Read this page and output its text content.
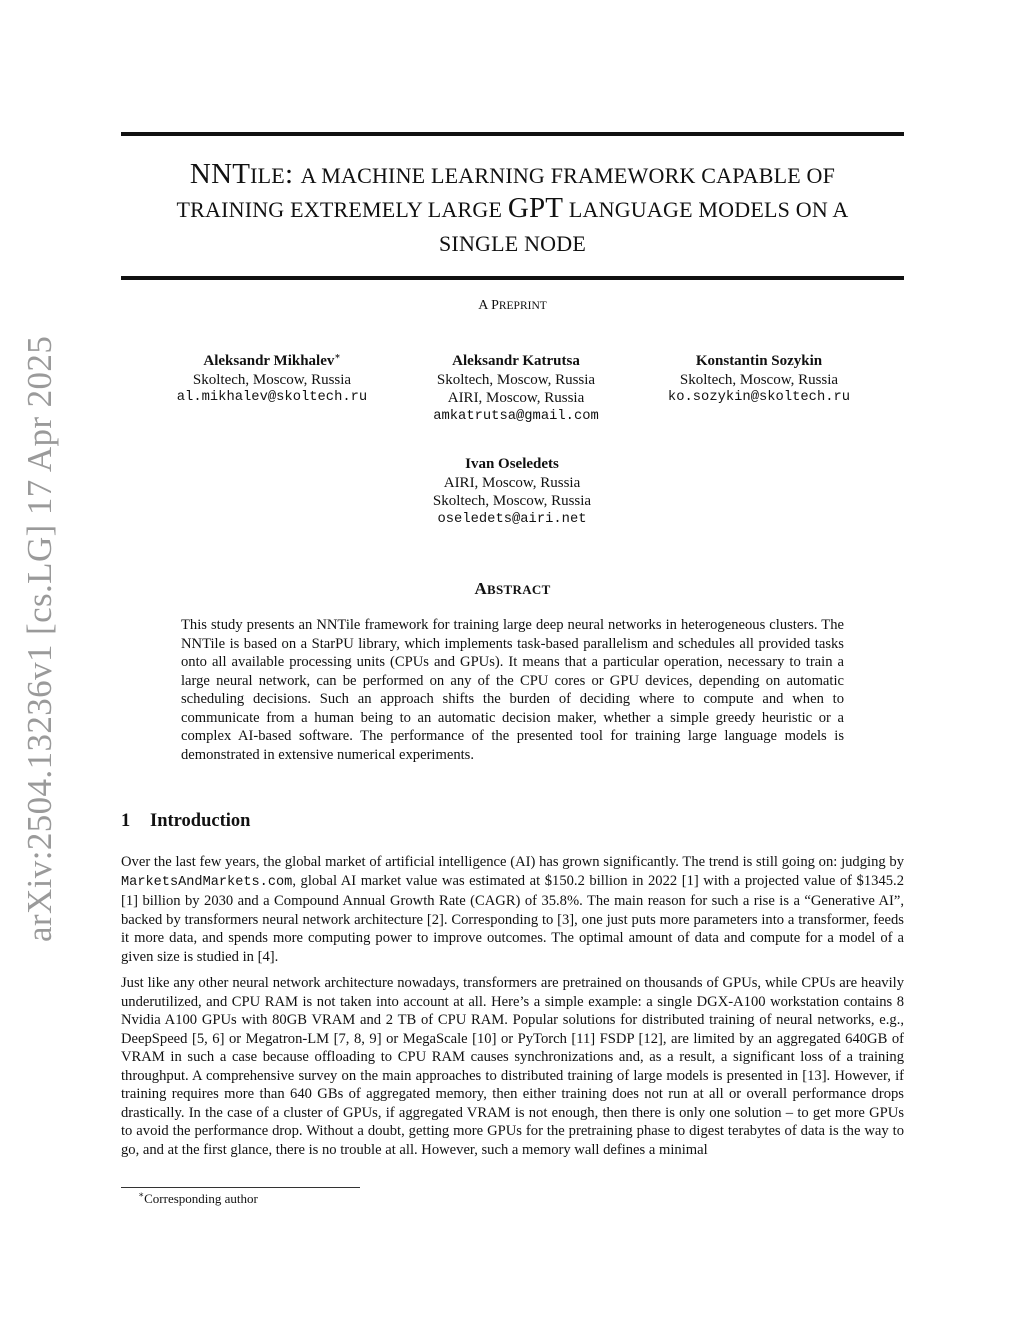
arXiv:2504.13236v1 [cs.LG] 17 Apr 2025
NNTILE: A MACHINE LEARNING FRAMEWORK CAPABLE OF
TRAINING EXTREMELY LARGE GPT LANGUAGE MODELS ON A
SINGLE NODE
A PREPRINT
Aleksandr Mikhalev∗
Skoltech, Moscow, Russia
al.mikhalev@skoltech.ru
Aleksandr Katrutsa
Skoltech, Moscow, Russia
AIRI, Moscow, Russia
amkatrutsa@gmail.com
Konstantin Sozykin
Skoltech, Moscow, Russia
ko.sozykin@skoltech.ru
Ivan Oseledets
AIRI, Moscow, Russia
Skoltech, Moscow, Russia
oseledets@airi.net
ABSTRACT
This study presents an NNTile framework for training large deep neural networks in heterogeneous clusters. The NNTile is based on a StarPU library, which implements task-based parallelism and schedules all provided tasks onto all available processing units (CPUs and GPUs). It means that a particular operation, necessary to train a large neural network, can be performed on any of the CPU cores or GPU devices, depending on automatic scheduling decisions. Such an approach shifts the burden of deciding where to compute and when to communicate from a human being to an automatic decision maker, whether a simple greedy heuristic or a complex AI-based software. The performance of the presented tool for training large language models is demonstrated in extensive numerical experiments.
1 Introduction

Over the last few years, the global market of artificial intelligence (AI) has grown significantly. The trend is still going on: judging by MarketsAndMarkets.com, global AI market value was estimated at $150.2 billion in 2022 [1] with a projected value of $1345.2 [1] billion by 2030 and a Compound Annual Growth Rate (CAGR) of 35.8%. The main reason for such a rise is a “Generative AI”, backed by transformers neural network architecture [2]. Corresponding to [3], one just puts more parameters into a transformer, feeds it more data, and spends more computing power to improve outcomes. The optimal amount of data and compute for a model of a given size is studied in [4].

Just like any other neural network architecture nowadays, transformers are pretrained on thousands of GPUs, while CPUs are heavily underutilized, and CPU RAM is not taken into account at all. Here’s a simple example: a single DGX-A100 workstation contains 8 Nvidia A100 GPUs with 80GB VRAM and 2 TB of CPU RAM. Popular solutions for distributed training of neural networks, e.g., DeepSpeed [5, 6] or Megatron-LM [7, 8, 9] or MegaScale [10] or PyTorch [11] FSDP [12], are limited by an aggregated 640GB of VRAM in such a case because offloading to CPU RAM causes synchronizations and, as a result, a significant loss of a training throughput. A comprehensive survey on the main approaches to distributed training of large models is presented in [13]. However, if training requires more than 640 GBs of aggregated memory, then either training does not run at all or overall performance drops drastically. In the case of a cluster of GPUs, if aggregated VRAM is not enough, then there is only one solution – to get more GPUs to avoid the performance drop. Without a doubt, getting more GPUs for the pretraining phase to digest terabytes of data is the way to go, and at the first glance, there is no trouble at all. However, such a memory wall defines a minimal

∗Corresponding author
